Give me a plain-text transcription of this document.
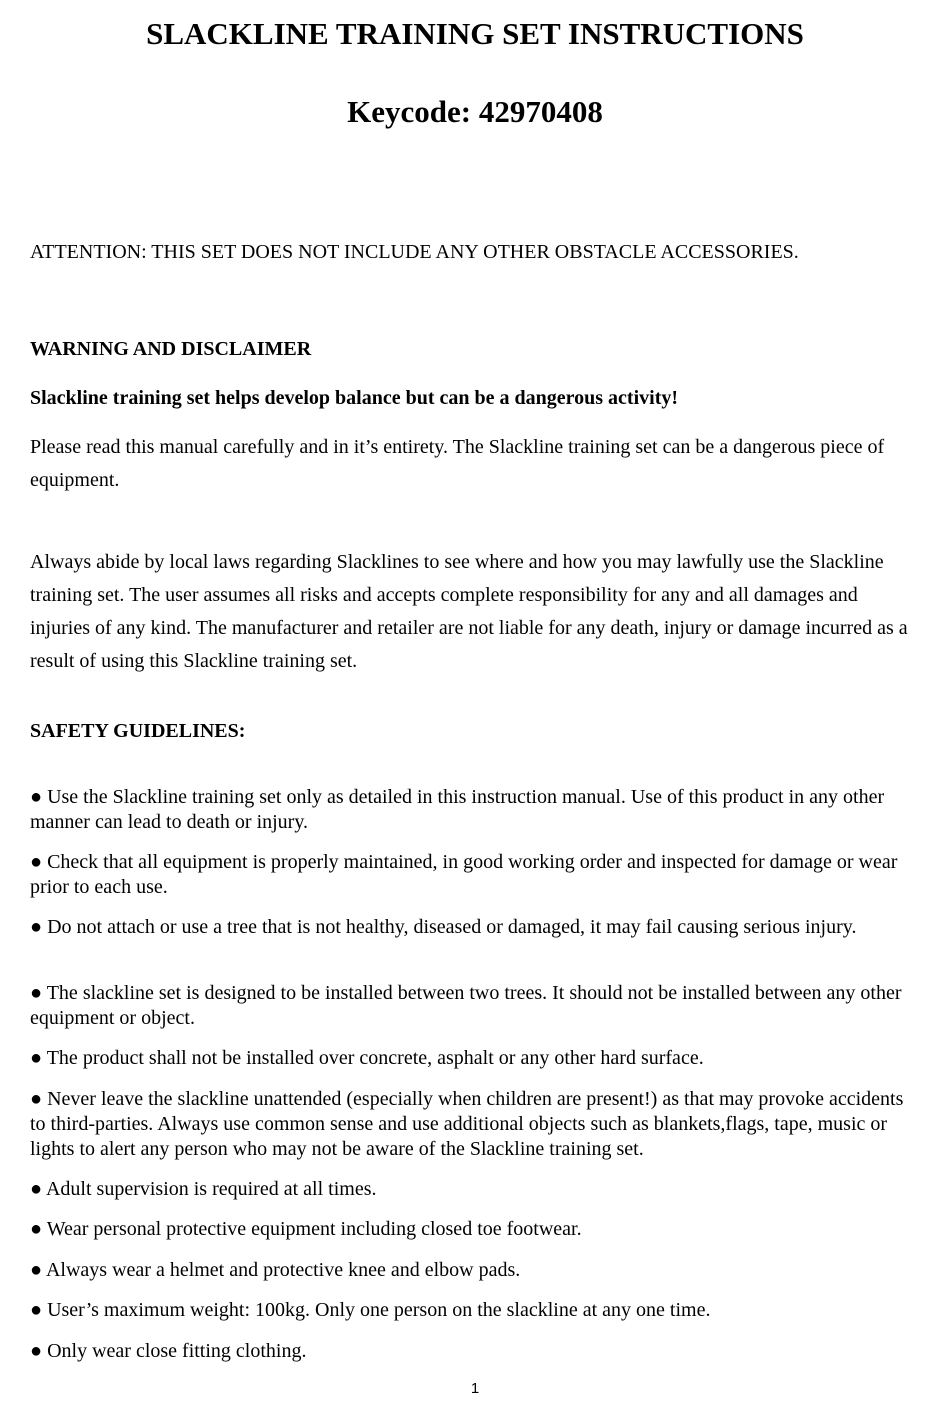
SLACKLINE TRAINING SET INSTRUCTIONS
Keycode: 42970408
ATTENTION: THIS SET DOES NOT INCLUDE ANY OTHER OBSTACLE ACCESSORIES.
WARNING AND DISCLAIMER
Slackline training set helps develop balance but can be a dangerous activity!
Please read this manual carefully and in it’s entirety. The Slackline training set can be a dangerous piece of equipment.
Always abide by local laws regarding Slacklines to see where and how you may lawfully use the Slackline training set. The user assumes all risks and accepts complete responsibility for any and all damages and injuries of any kind. The manufacturer and retailer are not liable for any death, injury or damage incurred as a result of using this Slackline training set.
SAFETY GUIDELINES:
● Use the Slackline training set only as detailed in this instruction manual. Use of this product in any other manner can lead to death or injury.
● Check that all equipment is properly maintained, in good working order and inspected for damage or wear prior to each use.
● Do not attach or use a tree that is not healthy, diseased or damaged, it may fail causing serious injury.
● The slackline set is designed to be installed between two trees. It should not be installed between any other equipment or object.
● The product shall not be installed over concrete, asphalt or any other hard surface.
● Never leave the slackline unattended (especially when children are present!) as that may provoke accidents to third-parties. Always use common sense and use additional objects such as blankets,flags, tape, music or lights to alert any person who may not be aware of the Slackline training set.
● Adult supervision is required at all times.
● Wear personal protective equipment including closed toe footwear.
● Always wear a helmet and protective knee and elbow pads.
● User’s maximum weight: 100kg. Only one person on the slackline at any one time.
● Only wear close fitting clothing.
1
